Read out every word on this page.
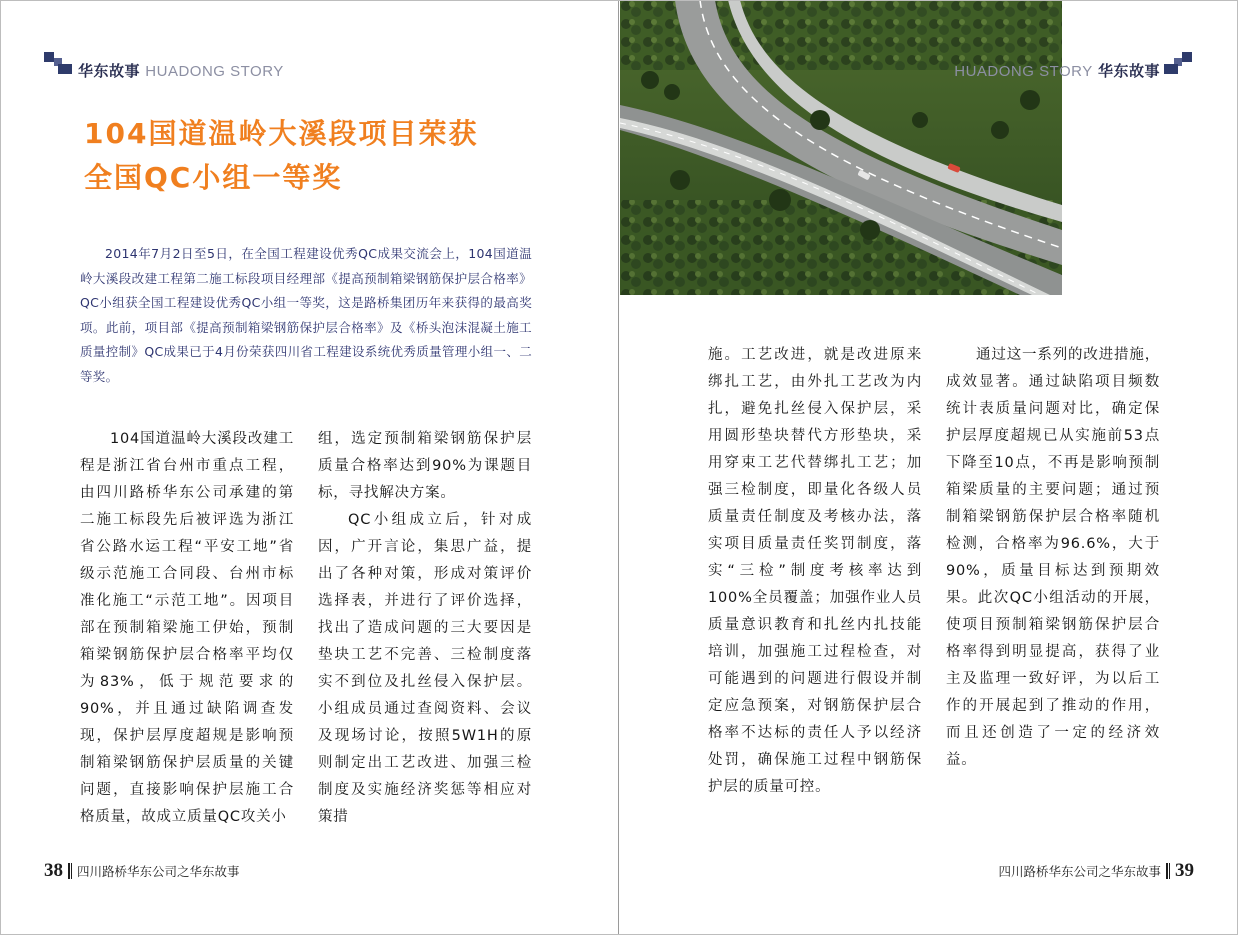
华东故事 HUADONG STORY
104国道温岭大溪段项目荣获
全国QC小组一等奖

2014年7月2日至5日，在全国工程建设优秀QC成果交流会上，104国道温岭大溪段改建工程第二施工标段项目经理部《提高预制箱梁钢筋保护层合格率》QC小组获全国工程建设优秀QC小组一等奖，这是路桥集团历年来获得的最高奖项。此前，项目部《提高预制箱梁钢筋保护层合格率》及《桥头泡沫混凝土施工质量控制》QC成果已于4月份荣获四川省工程建设系统优秀质量管理小组一、二等奖。

104国道温岭大溪段改建工程是浙江省台州市重点工程，由四川路桥华东公司承建的第二施工标段先后被评选为浙江省公路水运工程“平安工地”省级示范施工合同段、台州市标准化施工“示范工地”。因项目部在预制箱梁施工伊始，预制箱梁钢筋保护层合格率平均仅为83%，低于规范要求的90%，并且通过缺陷调查发现，保护层厚度超规是影响预制箱梁钢筋保护层质量的关键问题，直接影响保护层施工合格质量，故成立质量QC攻关小

组，选定预制箱梁钢筋保护层质量合格率达到90%为课题目标，寻找解决方案。

QC小组成立后，针对成因，广开言论，集思广益，提出了各种对策，形成对策评价选择表，并进行了评价选择，找出了造成问题的三大要因是垫块工艺不完善、三检制度落实不到位及扎丝侵入保护层。小组成员通过查阅资料、会议及现场讨论，按照5W1H的原则制定出工艺改进、加强三检制度及实施经济奖惩等相应对策措

38 四川路桥华东公司之华东故事
HUADONG STORY 华东故事

施。工艺改进，就是改进原来绑扎工艺，由外扎工艺改为内扎，避免扎丝侵入保护层，采用圆形垫块替代方形垫块，采用穿束工艺代替绑扎工艺；加强三检制度，即量化各级人员质量责任制度及考核办法，落实项目质量责任奖罚制度，落实“三检”制度考核率达到100%全员覆盖；加强作业人员质量意识教育和扎丝内扎技能培训，加强施工过程检查，对可能遇到的问题进行假设并制定应急预案，对钢筋保护层合格率不达标的责任人予以经济处罚，确保施工过程中钢筋保护层的质量可控。

通过这一系列的改进措施，成效显著。通过缺陷项目频数统计表质量问题对比，确定保护层厚度超规已从实施前53点下降至10点，不再是影响预制箱梁质量的主要问题；通过预制箱梁钢筋保护层合格率随机检测，合格率为96.6%，大于90%，质量目标达到预期效果。此次QC小组活动的开展，使项目预制箱梁钢筋保护层合格率得到明显提高，获得了业主及监理一致好评，为以后工作的开展起到了推动的作用，而且还创造了一定的经济效益。

四川路桥华东公司之华东故事 39
